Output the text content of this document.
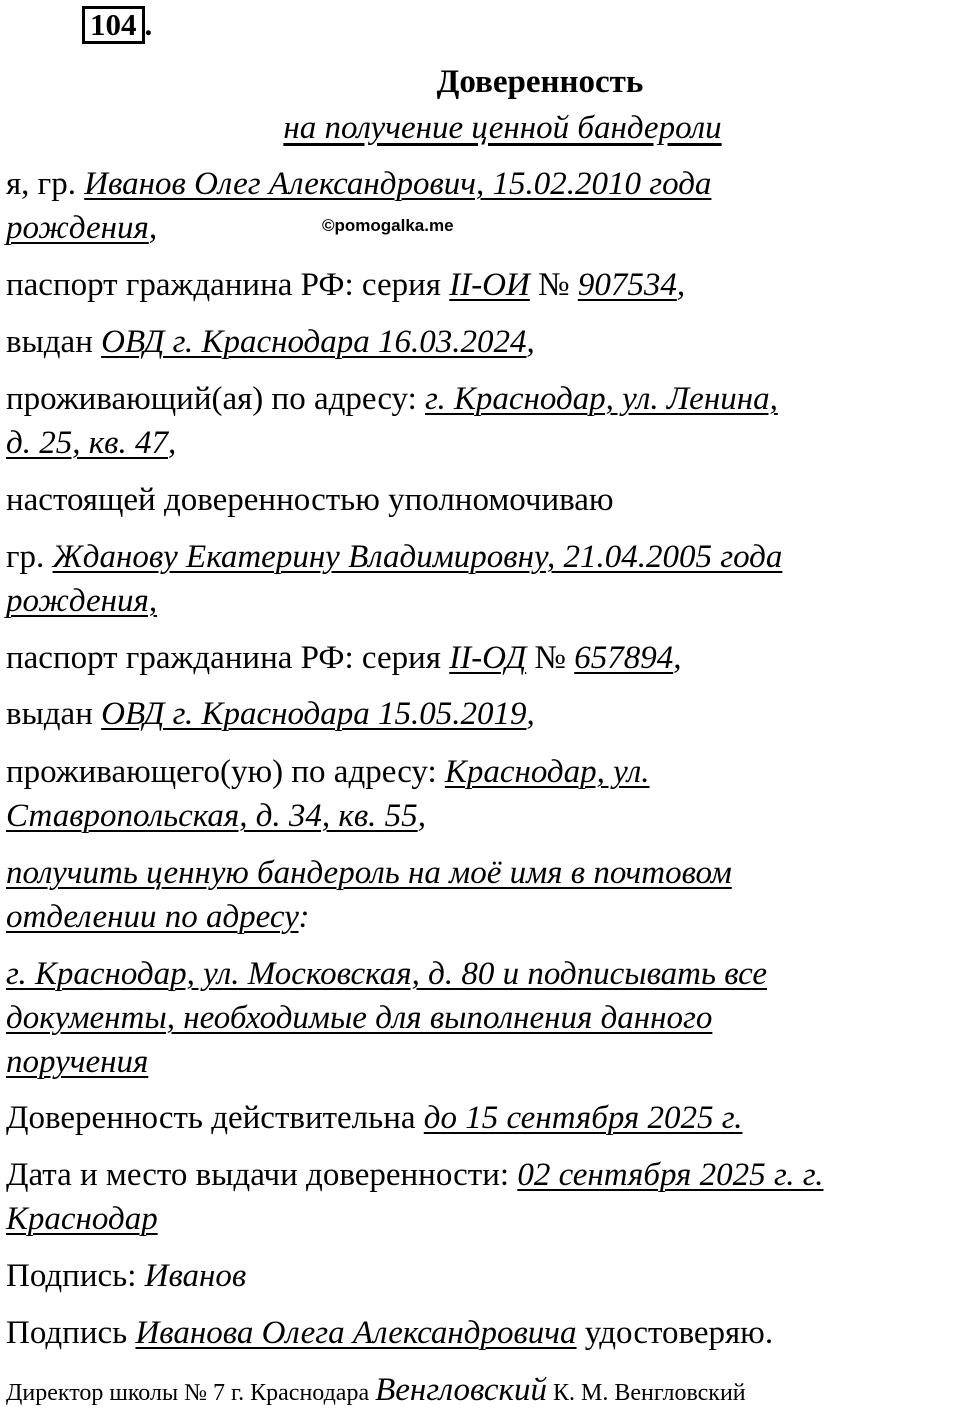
104 .
Доверенность
на получение ценной бандероли
©pomogalka.me
я, гр. Иванов Олег Александрович, 15.02.2010 года
рождения,
паспорт гражданина РФ: серия II-ОИ № 907534,
выдан ОВД г. Краснодара 16.03.2024,
проживающий(ая) по адресу: г. Краснодар, ул. Ленина,
д. 25, кв. 47,
настоящей доверенностью уполномочиваю
гр. Жданову Екатерину Владимировну, 21.04.2005 года
рождения,
паспорт гражданина РФ: серия II-ОД № 657894,
выдан ОВД г. Краснодара 15.05.2019,
проживающего(ую) по адресу: Краснодар, ул.
Ставропольская, д. 34, кв. 55,
получить ценную бандероль на моё имя в почтовом
отделении по адресу:
г. Краснодар, ул. Московская, д. 80 и подписывать все
документы, необходимые для выполнения данного
поручения
Доверенность действительна до 15 сентября 2025 г.
Дата и место выдачи доверенности: 02 сентября 2025 г. г.
Краснодар
Подпись: Иванов
Подпись Иванова Олега Александровича удостоверяю.
Директор школы № 7 г. Краснодара Венгловский К. М. Венгловский
